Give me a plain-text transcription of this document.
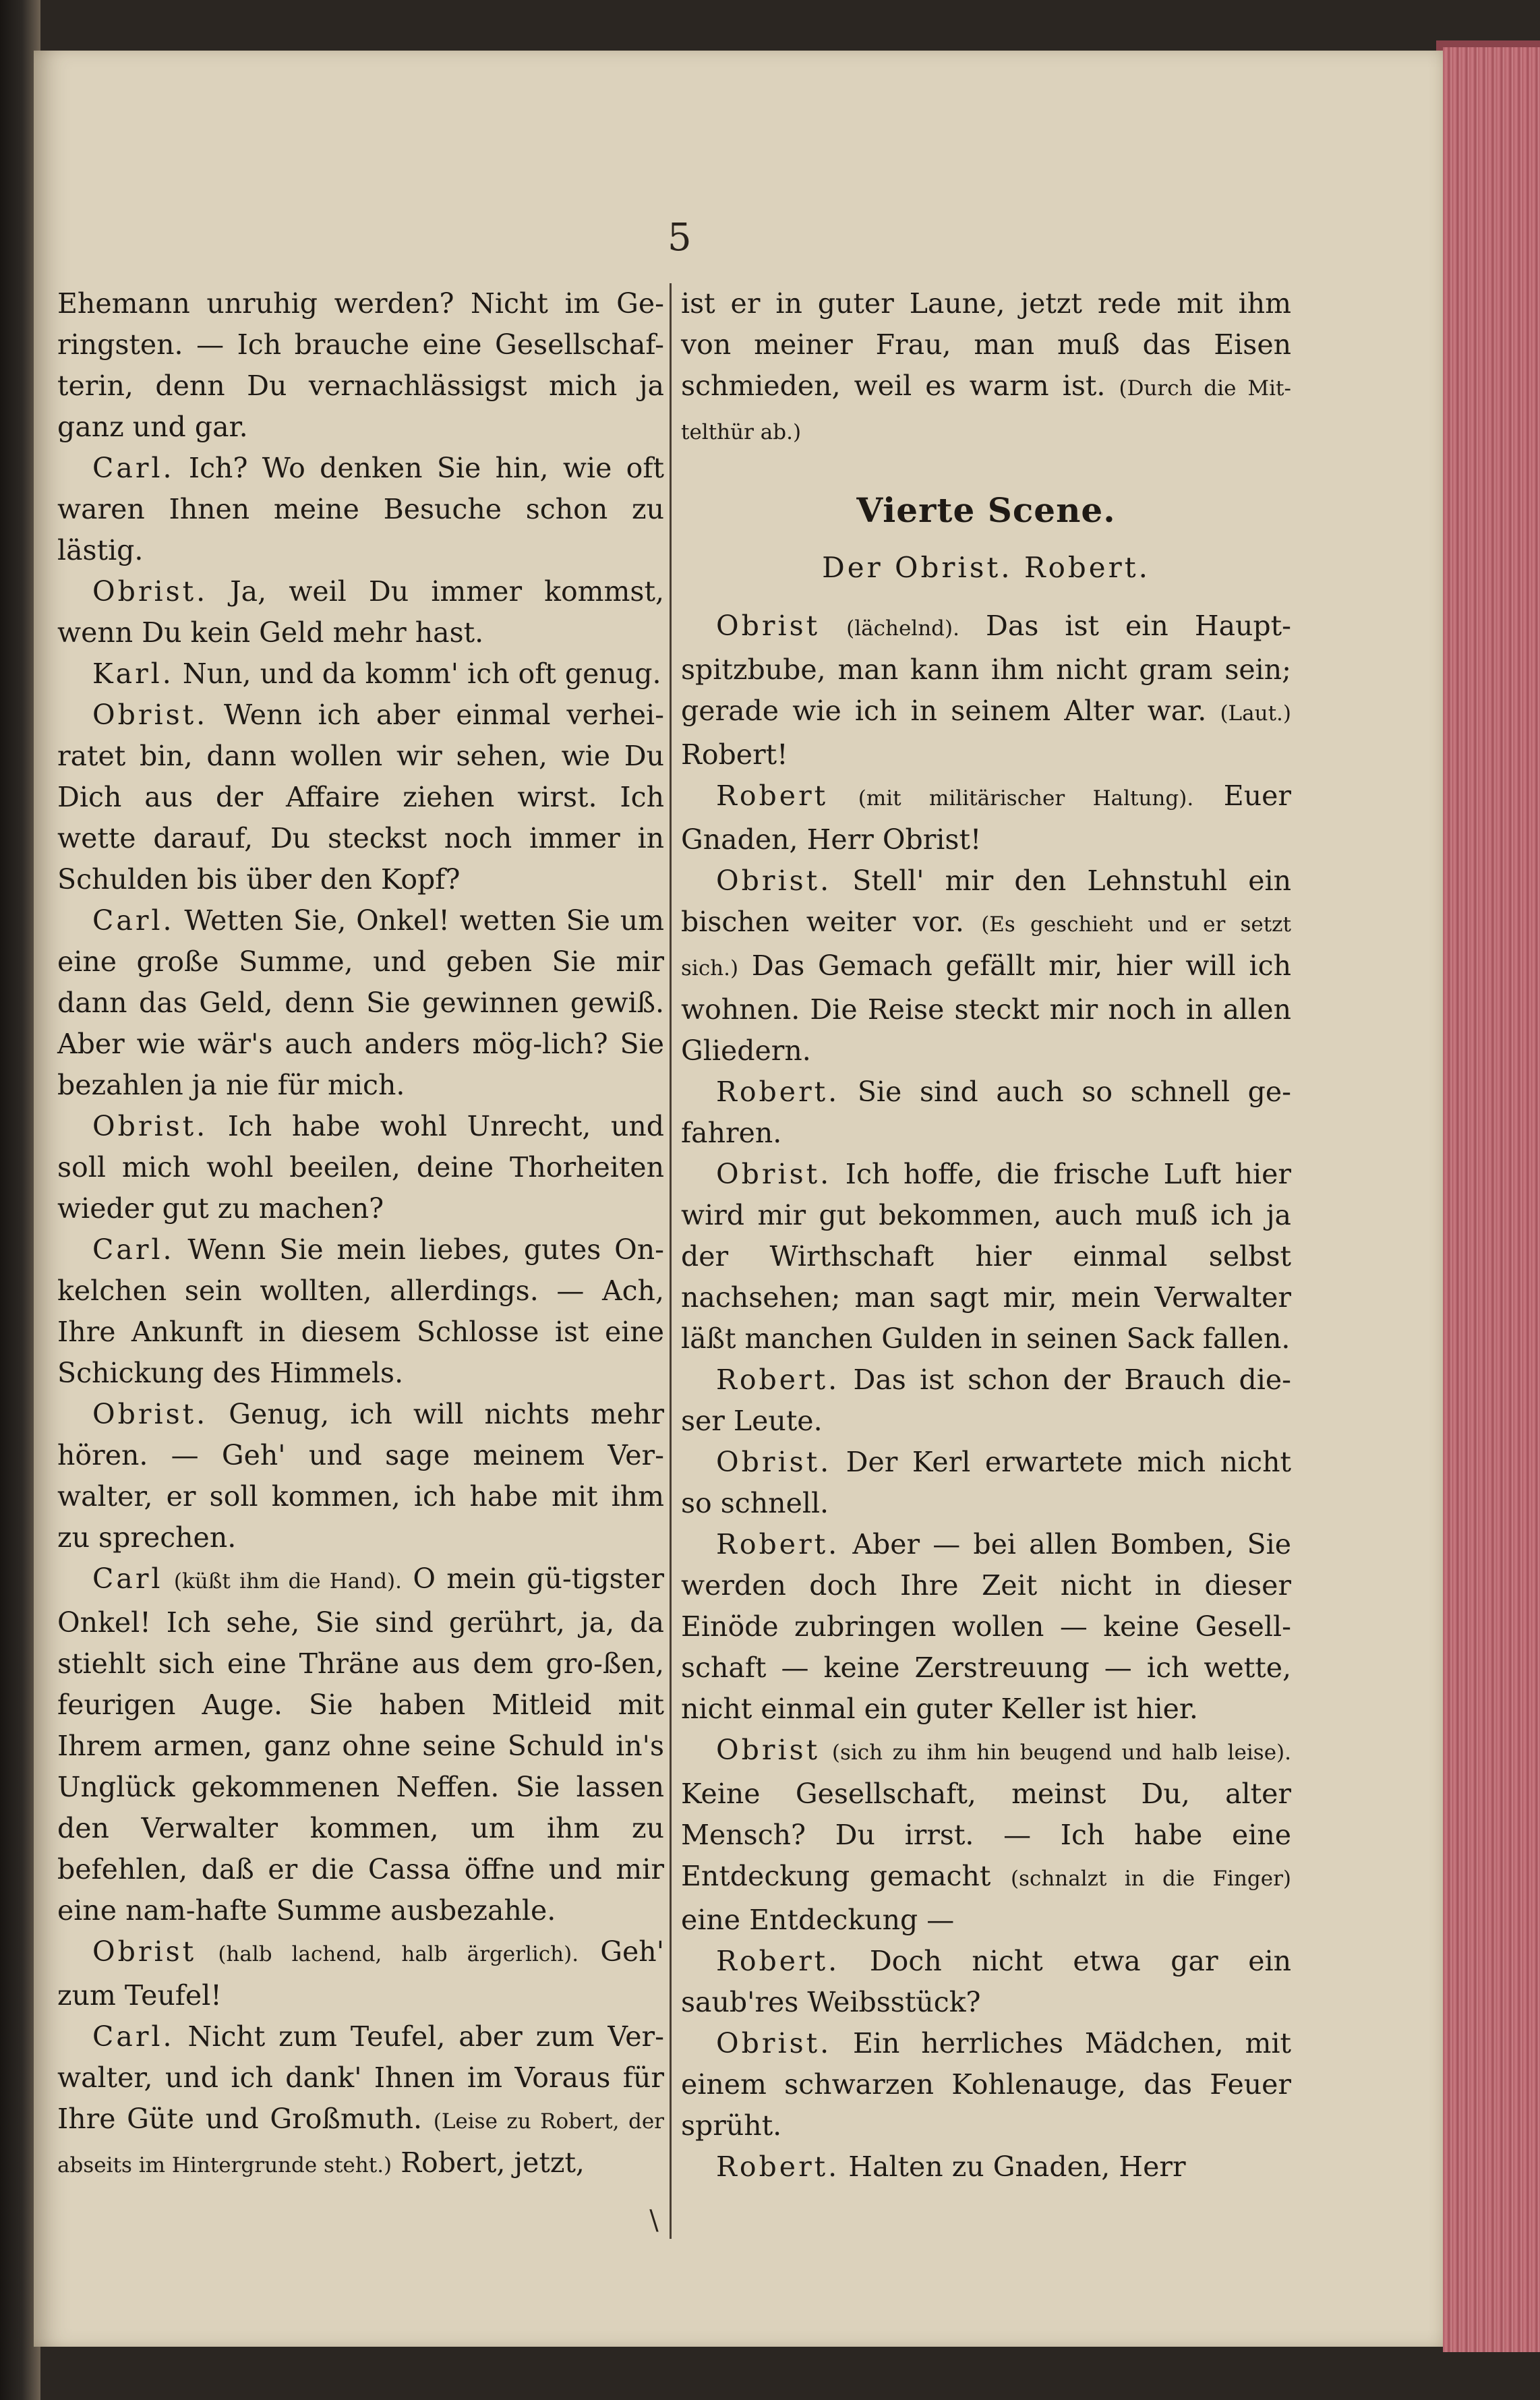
5

Ehemann unruhig werden? Nicht im Ge-ringsten. — Ich brauche eine Gesellschaf-terin, denn Du vernachlässigst mich ja ganz und gar.

Carl. Ich? Wo denken Sie hin, wie oft waren Ihnen meine Besuche schon zu lästig.

Obrist. Ja, weil Du immer kommst, wenn Du kein Geld mehr hast.

Karl. Nun, und da komm' ich oft genug.

Obrist. Wenn ich aber einmal verhei-ratet bin, dann wollen wir sehen, wie Du Dich aus der Affaire ziehen wirst. Ich wette darauf, Du steckst noch immer in Schulden bis über den Kopf?

Carl. Wetten Sie, Onkel! wetten Sie um eine große Summe, und geben Sie mir dann das Geld, denn Sie gewinnen gewiß. Aber wie wär's auch anders mög-lich? Sie bezahlen ja nie für mich.

Obrist. Ich habe wohl Unrecht, und soll mich wohl beeilen, deine Thorheiten wieder gut zu machen?

Carl. Wenn Sie mein liebes, gutes On-kelchen sein wollten, allerdings. — Ach, Ihre Ankunft in diesem Schlosse ist eine Schickung des Himmels.

Obrist. Genug, ich will nichts mehr hören. — Geh' und sage meinem Ver-walter, er soll kommen, ich habe mit ihm zu sprechen.

Carl (küßt ihm die Hand). O mein gü-tigster Onkel! Ich sehe, Sie sind gerührt, ja, da stiehlt sich eine Thräne aus dem gro-ßen, feurigen Auge. Sie haben Mitleid mit Ihrem armen, ganz ohne seine Schuld in's Unglück gekommenen Neffen. Sie lassen den Verwalter kommen, um ihm zu befehlen, daß er die Cassa öffne und mir eine nam-hafte Summe ausbezahle.

Obrist (halb lachend, halb ärgerlich). Geh' zum Teufel!

Carl. Nicht zum Teufel, aber zum Ver-walter, und ich dank' Ihnen im Voraus für Ihre Güte und Großmuth. (Leise zu Robert, der abseits im Hintergrunde steht.) Robert, jetzt,

ist er in guter Laune, jetzt rede mit ihm von meiner Frau, man muß das Eisen schmieden, weil es warm ist. (Durch die Mit-telthür ab.)

Vierte Scene.
Der Obrist. Robert.

Obrist (lächelnd). Das ist ein Haupt-spitzbube, man kann ihm nicht gram sein; gerade wie ich in seinem Alter war. (Laut.) Robert!

Robert (mit militärischer Haltung). Euer Gnaden, Herr Obrist!

Obrist. Stell' mir den Lehnstuhl ein bischen weiter vor. (Es geschieht und er setzt sich.) Das Gemach gefällt mir, hier will ich wohnen. Die Reise steckt mir noch in allen Gliedern.

Robert. Sie sind auch so schnell ge-fahren.

Obrist. Ich hoffe, die frische Luft hier wird mir gut bekommen, auch muß ich ja der Wirthschaft hier einmal selbst nachsehen; man sagt mir, mein Verwalter läßt manchen Gulden in seinen Sack fallen.

Robert. Das ist schon der Brauch die-ser Leute.

Obrist. Der Kerl erwartete mich nicht so schnell.

Robert. Aber — bei allen Bomben, Sie werden doch Ihre Zeit nicht in dieser Einöde zubringen wollen — keine Gesell-schaft — keine Zerstreuung — ich wette, nicht einmal ein guter Keller ist hier.

Obrist (sich zu ihm hin beugend und halb leise). Keine Gesellschaft, meinst Du, alter Mensch? Du irrst. — Ich habe eine Entdeckung gemacht (schnalzt in die Finger) eine Entdeckung —

Robert. Doch nicht etwa gar ein saub'res Weibsstück?

Obrist. Ein herrliches Mädchen, mit einem schwarzen Kohlenauge, das Feuer sprüht.

Robert. Halten zu Gnaden, Herr

\
